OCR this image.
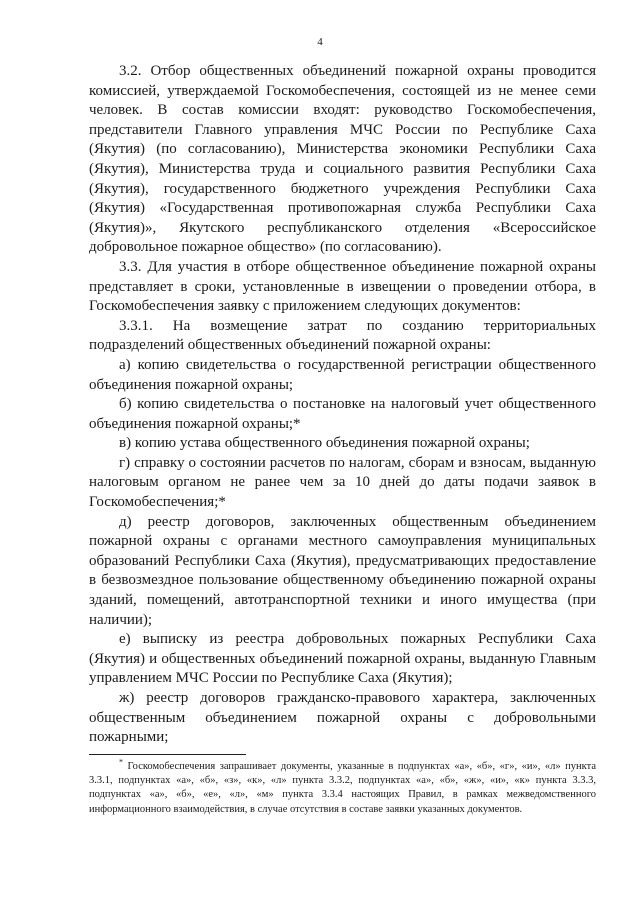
4

3.2. Отбор общественных объединений пожарной охраны проводится комиссией, утверждаемой Госкомобеспечения, состоящей из не менее семи человек. В состав комиссии входят: руководство Госкомобеспечения, представители Главного управления МЧС России по Республике Саха (Якутия) (по согласованию), Министерства экономики Республики Саха (Якутия), Министерства труда и социального развития Республики Саха (Якутия), государственного бюджетного учреждения Республики Саха (Якутия) «Государственная противопожарная служба Республики Саха (Якутия)», Якутского республиканского отделения «Всероссийское добровольное пожарное общество» (по согласованию).

3.3. Для участия в отборе общественное объединение пожарной охраны представляет в сроки, установленные в извещении о проведении отбора, в Госкомобеспечения заявку с приложением следующих документов:

3.3.1. На возмещение затрат по созданию территориальных подразделений общественных объединений пожарной охраны:

а) копию свидетельства о государственной регистрации общественного объединения пожарной охраны;

б) копию свидетельства о постановке на налоговый учет общественного объединения пожарной охраны;*

в) копию устава общественного объединения пожарной охраны;

г) справку о состоянии расчетов по налогам, сборам и взносам, выданную налоговым органом не ранее чем за 10 дней до даты подачи заявок в Госкомобеспечения;*

д) реестр договоров, заключенных общественным объединением пожарной охраны с органами местного самоуправления муниципальных образований Республики Саха (Якутия), предусматривающих предоставление в безвозмездное пользование общественному объединению пожарной охраны зданий, помещений, автотранспортной техники и иного имущества (при наличии);

е) выписку из реестра добровольных пожарных Республики Саха (Якутия) и общественных объединений пожарной охраны, выданную Главным управлением МЧС России по Республике Саха (Якутия);

ж) реестр договоров гражданско-правового характера, заключенных общественным объединением пожарной охраны с добровольными пожарными;

* Госкомобеспечения запрашивает документы, указанные в подпунктах «а», «б», «г», «и», «л» пункта 3.3.1, подпунктах «а», «б», «з», «к», «л» пункта 3.3.2, подпунктах «а», «б», «ж», «и», «к» пункта 3.3.3, подпунктах «а», «б», «е», «л», «м» пункта 3.3.4 настоящих Правил, в рамках межведомственного информационного взаимодействия, в случае отсутствия в составе заявки указанных документов.
